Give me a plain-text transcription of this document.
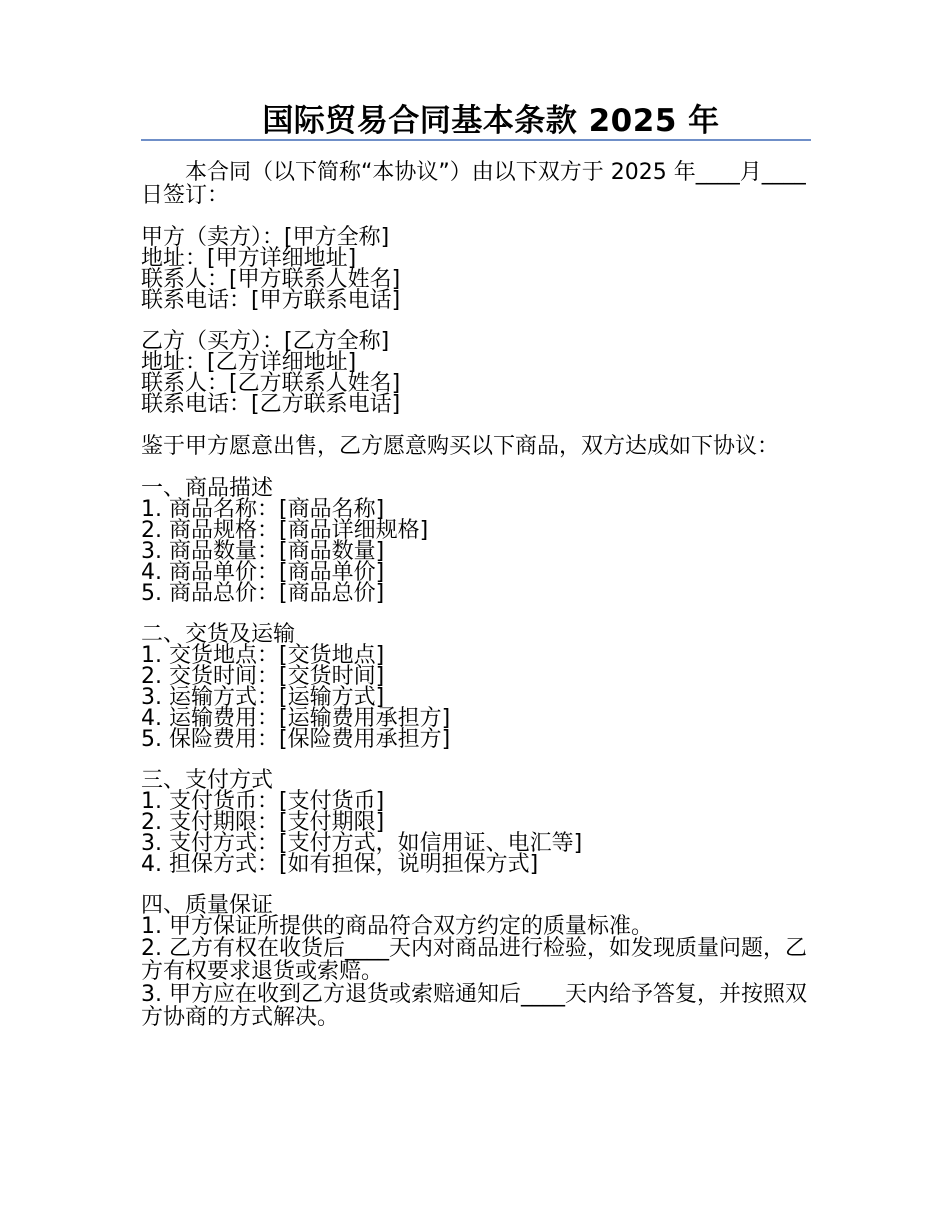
国际贸易合同基本条款 2025 年
本合同（以下简称“本协议”）由以下双方于 2025 年____月____日签订：
甲方（卖方）：[甲方全称]
地址：[甲方详细地址]
联系人：[甲方联系人姓名]
联系电话：[甲方联系电话]
乙方（买方）：[乙方全称]
地址：[乙方详细地址]
联系人：[乙方联系人姓名]
联系电话：[乙方联系电话]
鉴于甲方愿意出售，乙方愿意购买以下商品，双方达成如下协议：
一、商品描述
1. 商品名称：[商品名称]
2. 商品规格：[商品详细规格]
3. 商品数量：[商品数量]
4. 商品单价：[商品单价]
5. 商品总价：[商品总价]
二、交货及运输
1. 交货地点：[交货地点]
2. 交货时间：[交货时间]
3. 运输方式：[运输方式]
4. 运输费用：[运输费用承担方]
5. 保险费用：[保险费用承担方]
三、支付方式
1. 支付货币：[支付货币]
2. 支付期限：[支付期限]
3. 支付方式：[支付方式，如信用证、电汇等]
4. 担保方式：[如有担保，说明担保方式]
四、质量保证
1. 甲方保证所提供的商品符合双方约定的质量标准。
2. 乙方有权在收货后____天内对商品进行检验，如发现质量问题，乙方有权要求退货或索赔。
3. 甲方应在收到乙方退货或索赔通知后____天内给予答复，并按照双方协商的方式解决。
